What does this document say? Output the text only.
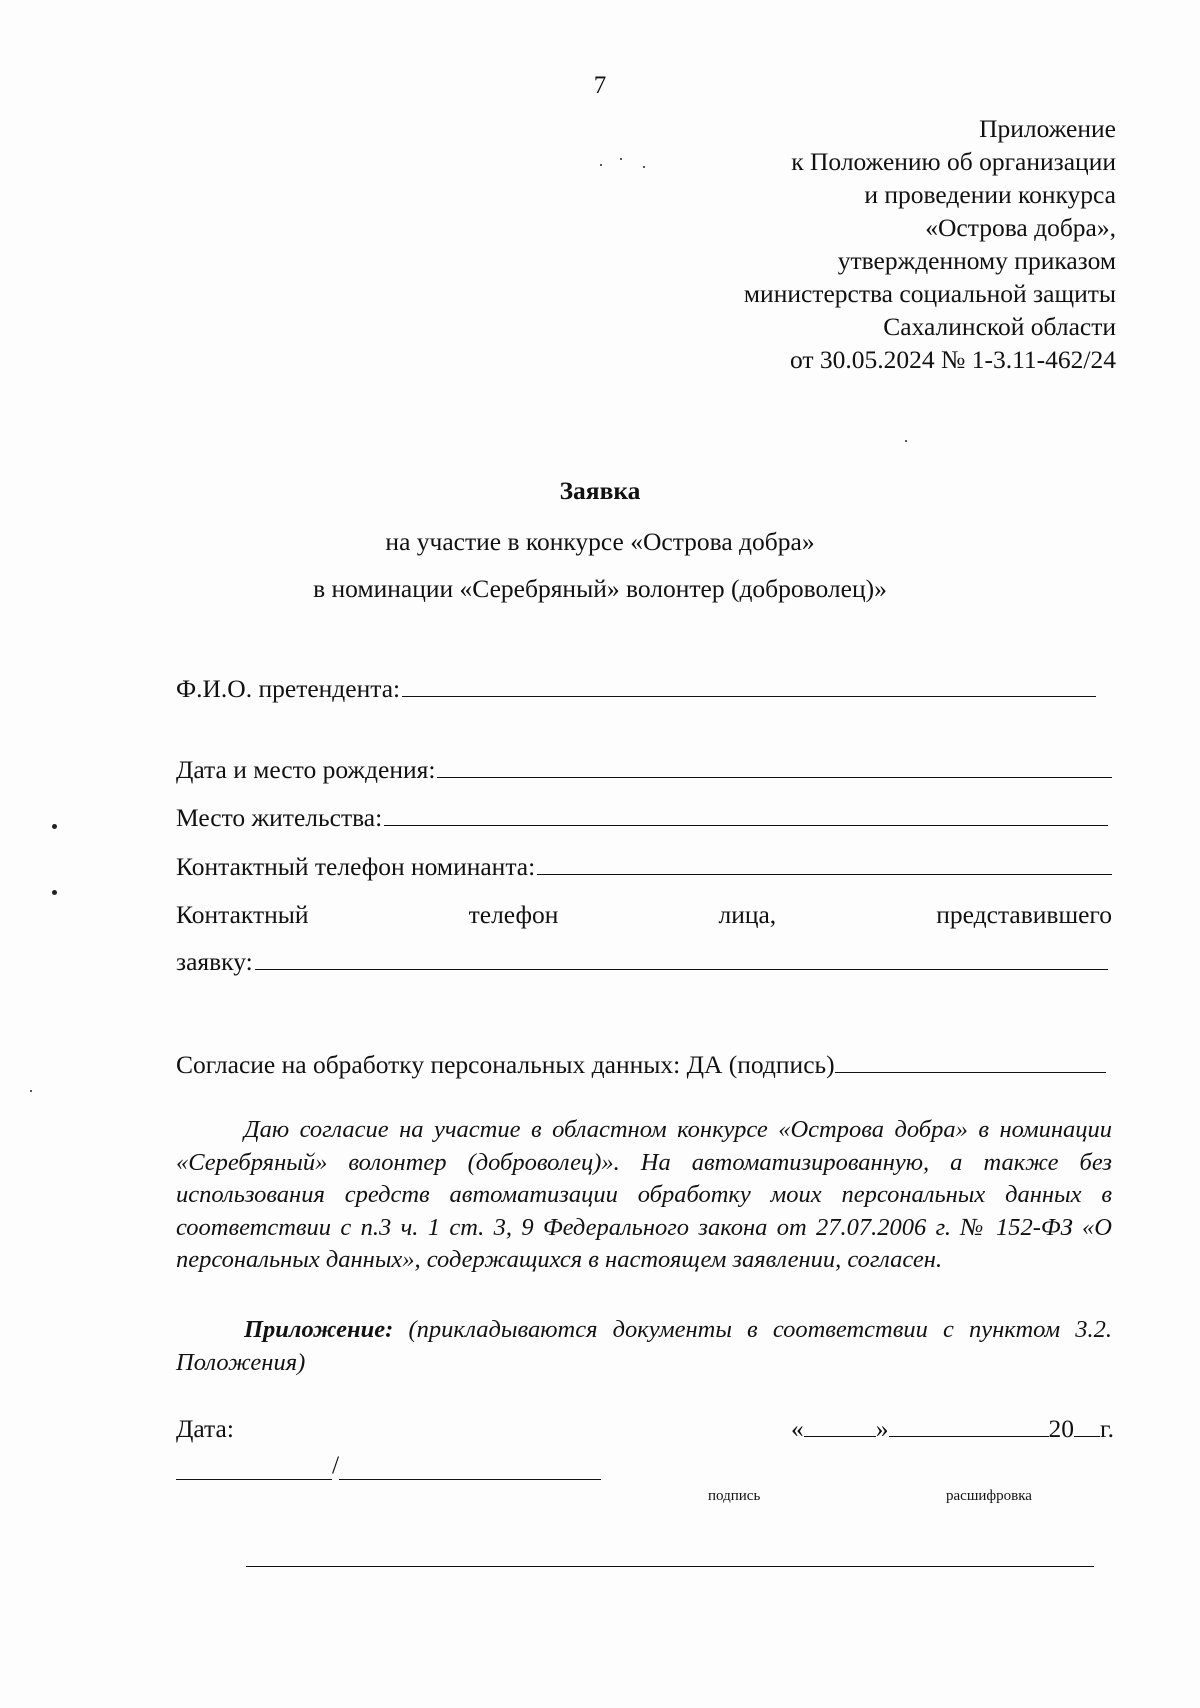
7
Приложение
к Положению об организации
и проведении конкурса
«Острова добра»,
утвержденному приказом
министерства социальной защиты
Сахалинской области
от 30.05.2024 № 1-3.11-462/24
Заявка
на участие в конкурсе «Острова добра»
в номинации «Серебряный» волонтер (доброволец)»
Ф.И.О. претендента:
Дата и место рождения:
Место жительства:
Контактный телефон номинанта:
Контактный	телефон	лица,	представившего
заявку:
Согласие на обработку персональных данных: ДА (подпись)
Даю согласие на участие в областном конкурсе «Острова добра» в номинации «Серебряный» волонтер (доброволец)». На автоматизированную, а также без использования средств автоматизации обработку моих персональных данных в соответствии с п.3 ч. 1 ст. 3, 9 Федерального закона от 27.07.2006 г. № 152-ФЗ «О персональных данных», содержащихся в настоящем заявлении, согласен.
Приложение: (прикладываются документы в соответствии с пунктом 3.2. Положения)
Дата:	«	»	20 г.
/
подпись	расшифровка
